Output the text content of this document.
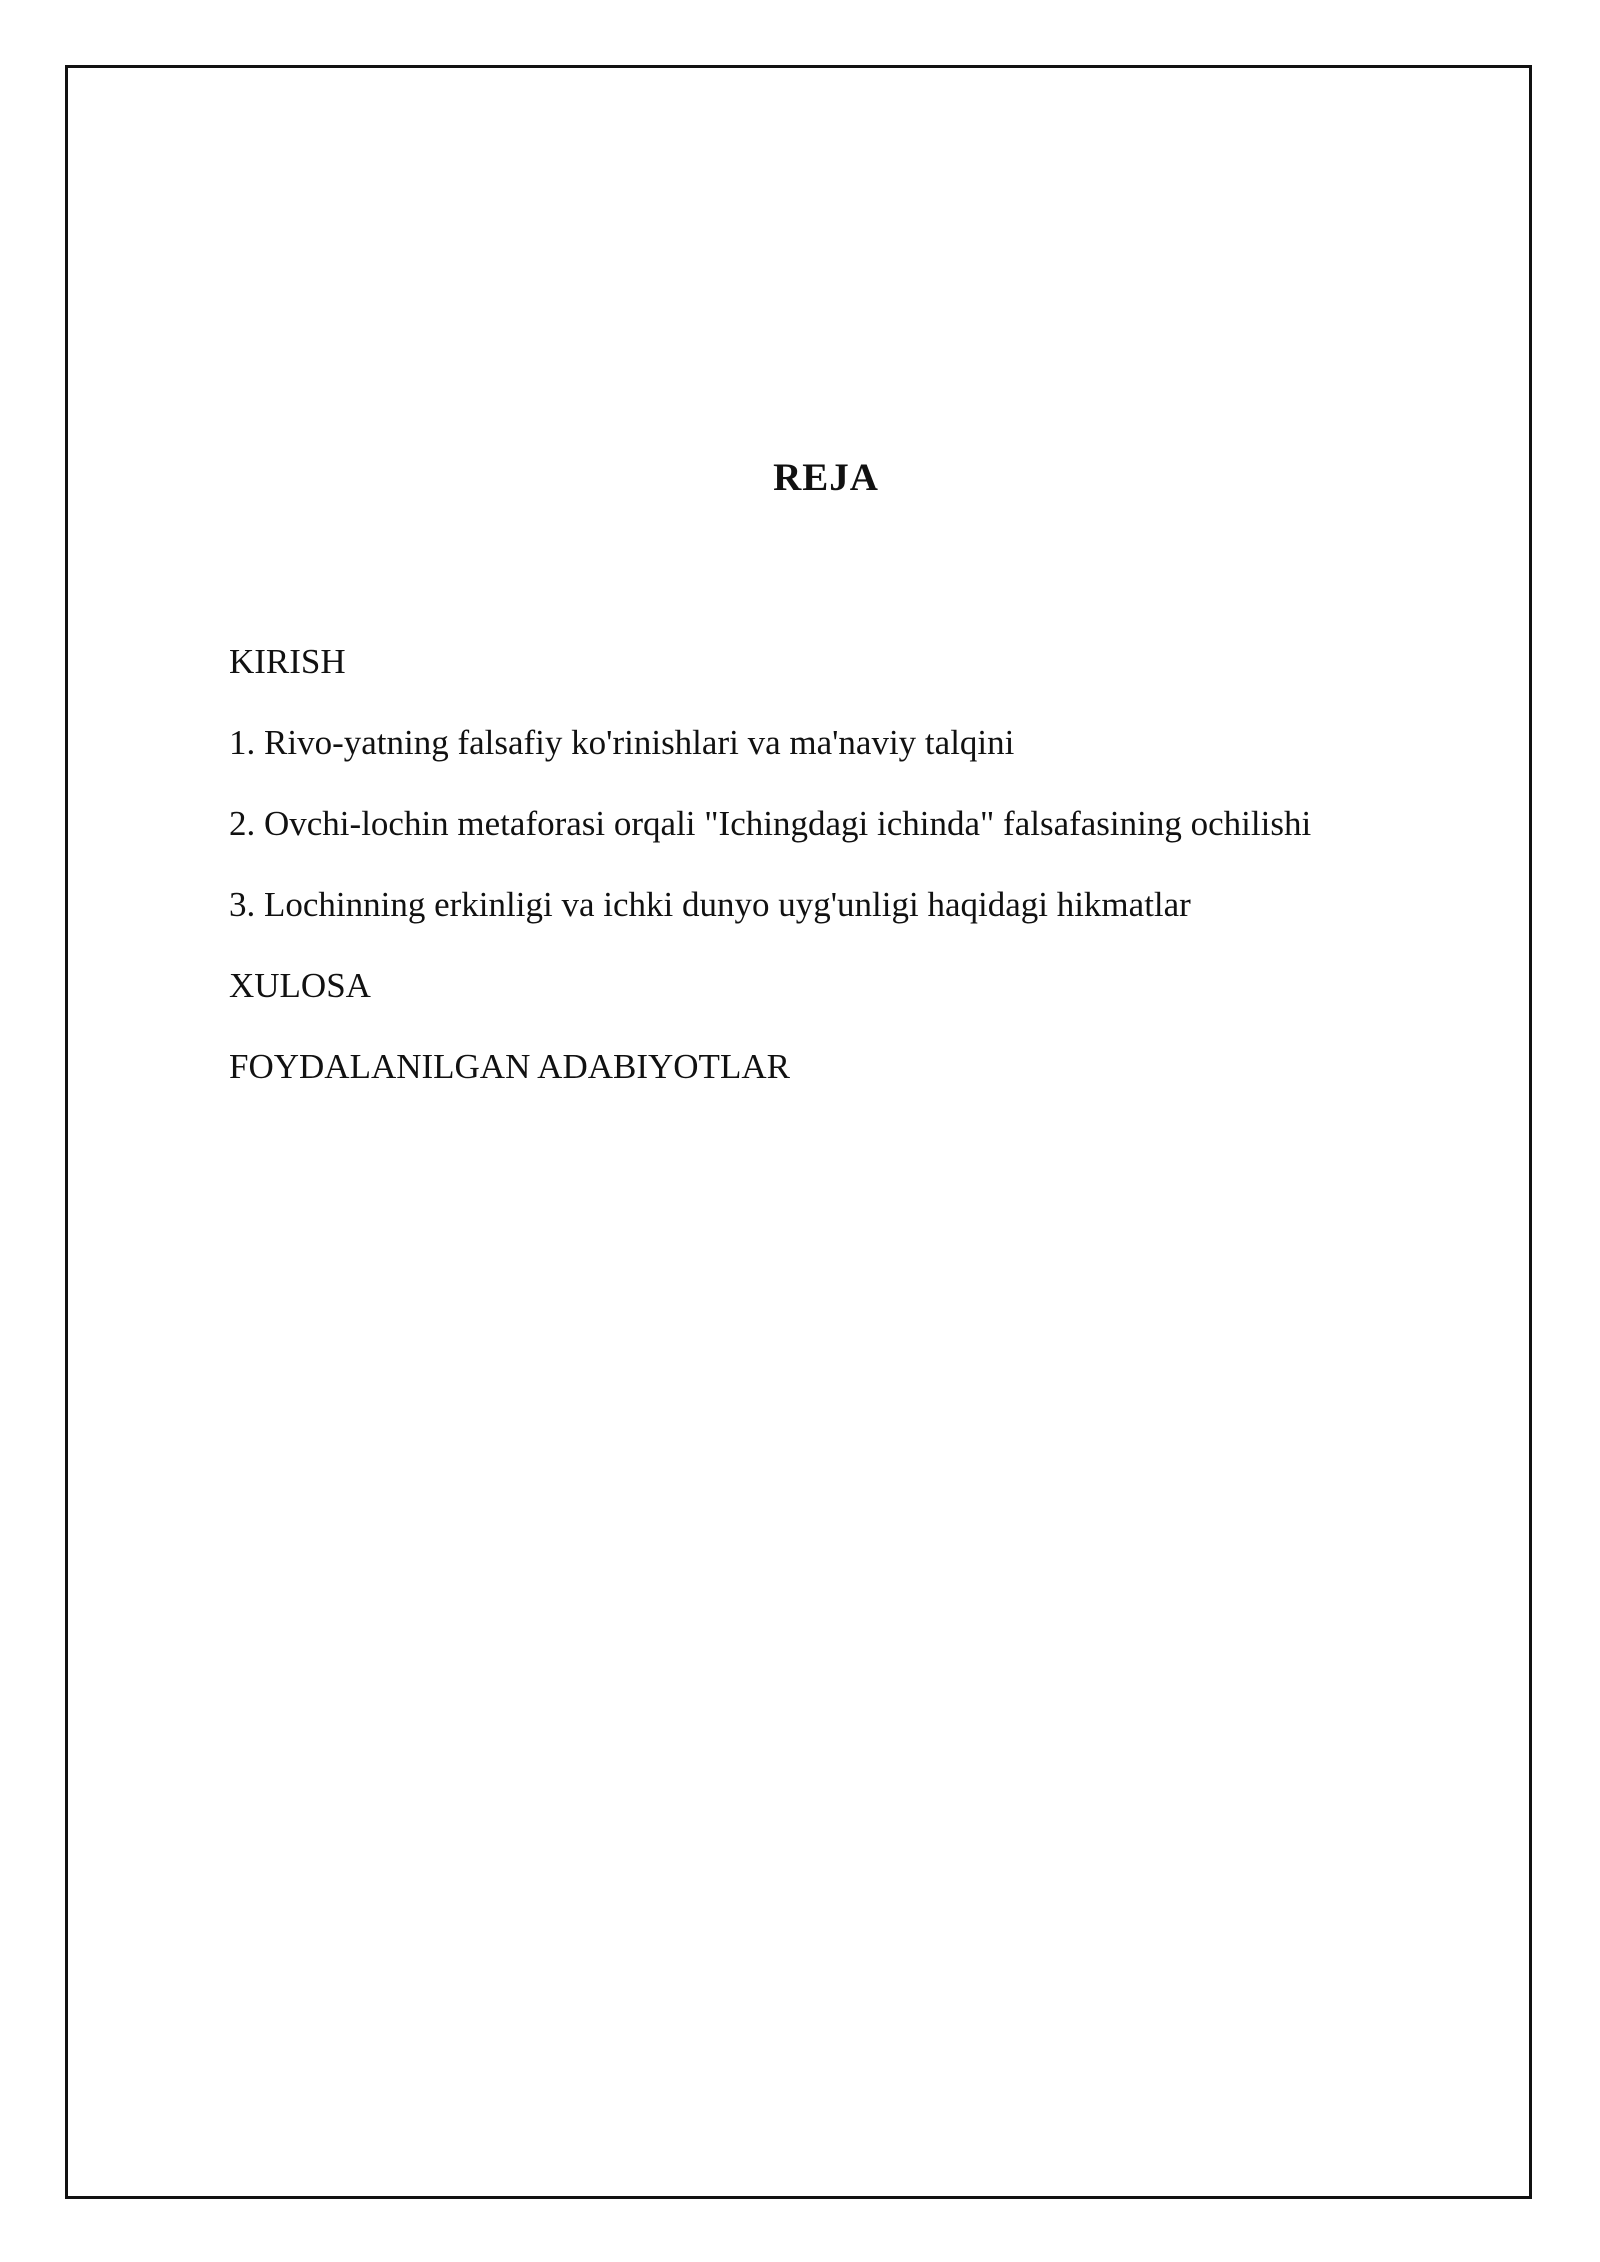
REJA
KIRISH
1. Rivo-yatning falsafiy ko'rinishlari va ma'naviy talqini
2. Ovchi-lochin metaforasi orqali "Ichingdagi ichinda" falsafasining ochilishi
3. Lochinning erkinligi va ichki dunyo uyg'unligi haqidagi hikmatlar
XULOSA
FOYDALANILGAN ADABIYOTLAR
